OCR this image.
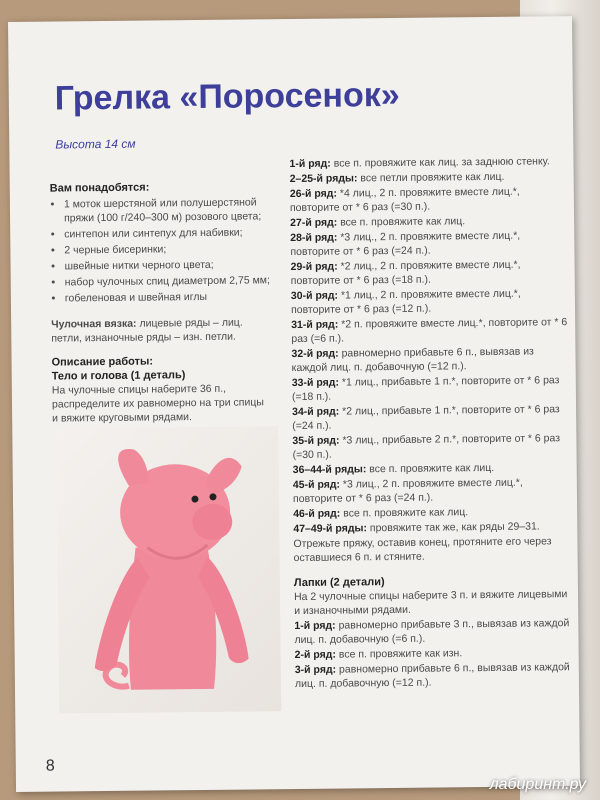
Грелка «Поросенок»
Высота 14 см
Вам понадобятся:
• 1 моток шерстяной или полушерстяной пряжи (100 г/240–300 м) розового цвета;
• синтепон или синтепух для набивки;
• 2 черные бисеринки;
• швейные нитки черного цвета;
• набор чулочных спиц диаметром 2,75 мм;
• гобеленовая и швейная иглы
Чулочная вязка: лицевые ряды – лиц. петли, изнаночные ряды – изн. петли.
Описание работы:
Тело и голова (1 деталь)
На чулочные спицы наберите 36 п., распределите их равномерно на три спицы и вяжите круговыми рядами.
1-й ряд: все п. провяжите как лиц. за заднюю стенку.
2–25-й ряды: все петли провяжите как лиц.
26-й ряд: *4 лиц., 2 п. провяжите вместе лиц.*, повторите от * 6 раз (=30 п.).
27-й ряд: все п. провяжите как лиц.
28-й ряд: *3 лиц., 2 п. провяжите вместе лиц.*, повторите от * 6 раз (=24 п.).
29-й ряд: *2 лиц., 2 п. провяжите вместе лиц.*, повторите от * 6 раз (=18 п.).
30-й ряд: *1 лиц., 2 п. провяжите вместе лиц.*, повторите от * 6 раз (=12 п.).
31-й ряд: *2 п. провяжите вместе лиц.*, повторите от * 6 раз (=6 п.).
32-й ряд: равномерно прибавьте 6 п., вывязав из каждой лиц. п. добавочную (=12 п.).
33-й ряд: *1 лиц., прибавьте 1 п.*, повторите от * 6 раз (=18 п.).
34-й ряд: *2 лиц., прибавьте 1 п.*, повторите от * 6 раз (=24 п.).
35-й ряд: *3 лиц., прибавьте 2 п.*, повторите от * 6 раз (=30 п.).
36–44-й ряды: все п. провяжите как лиц.
45-й ряд: *3 лиц., 2 п. провяжите вместе лиц.*, повторите от * 6 раз (=24 п.).
46-й ряд: все п. провяжите как лиц.
47–49-й ряды: провяжите так же, как ряды 29–31.
Отрежьте пряжу, оставив конец, протяните его через оставшиеся 6 п. и стяните.
Лапки (2 детали)
На 2 чулочные спицы наберите 3 п. и вяжите лицевыми и изнаночными рядами.
1-й ряд: равномерно прибавьте 3 п., вывязав из каждой лиц. п. добавочную (=6 п.).
2-й ряд: все п. провяжите как изн.
3-й ряд: равномерно прибавьте 6 п., вывязав из каждой лиц. п. добавочную (=12 п.).
8
лабиринт.ру
